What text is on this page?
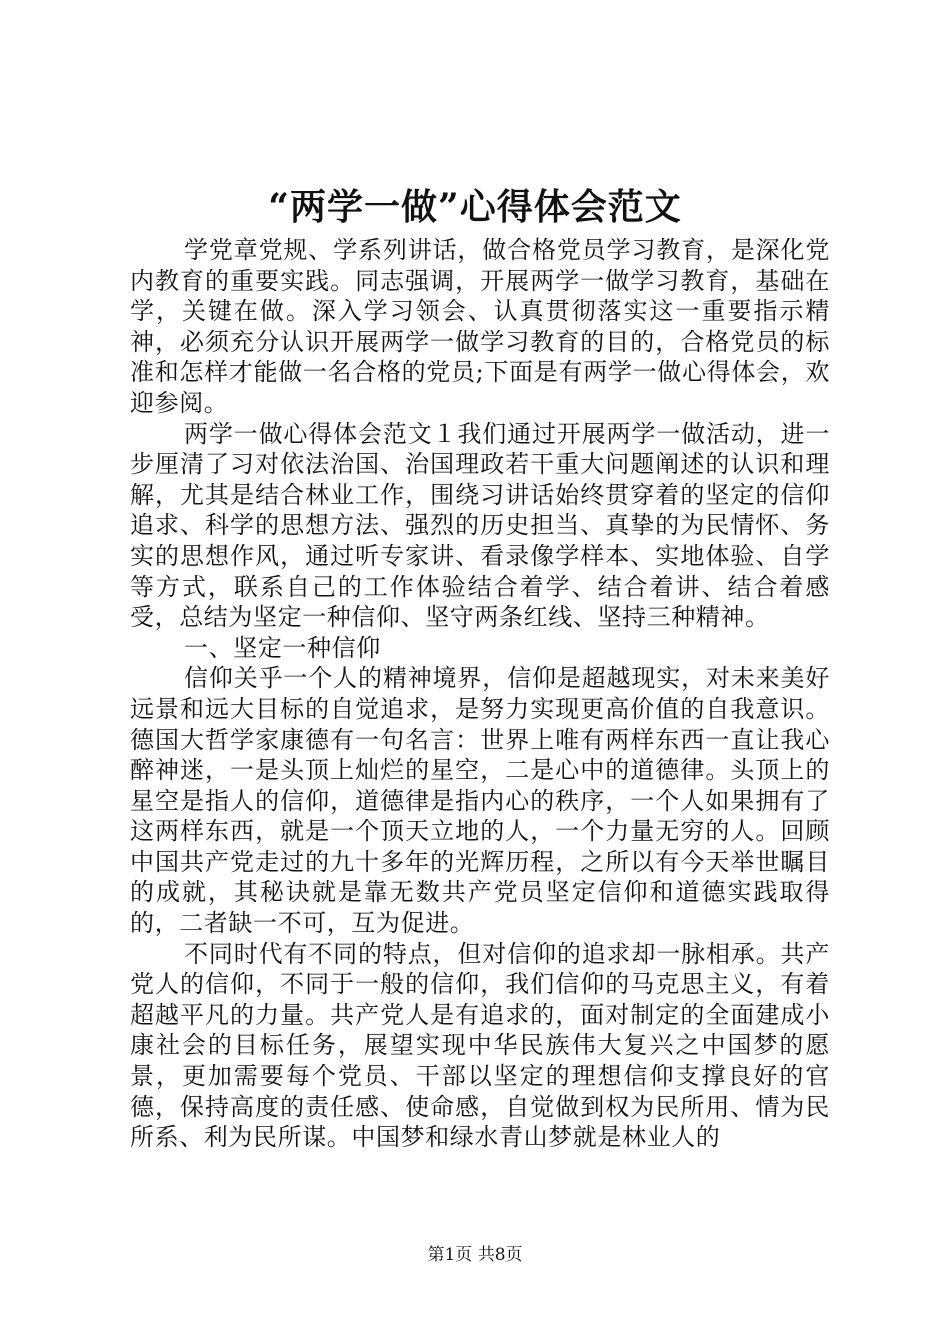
“两学一做”心得体会范文

学党章党规、学系列讲话，做合格党员学习教育，是深化党内教育的重要实践。同志强调，开展两学一做学习教育，基础在学，关键在做。深入学习领会、认真贯彻落实这一重要指示精神，必须充分认识开展两学一做学习教育的目的，合格党员的标准和怎样才能做一名合格的党员;下面是有两学一做心得体会，欢迎参阅。

两学一做心得体会范文１我们通过开展两学一做活动，进一步厘清了习对依法治国、治国理政若干重大问题阐述的认识和理解，尤其是结合林业工作，围绕习讲话始终贯穿着的坚定的信仰追求、科学的思想方法、强烈的历史担当、真挚的为民情怀、务实的思想作风，通过听专家讲、看录像学样本、实地体验、自学等方式，联系自己的工作体验结合着学、结合着讲、结合着感受，总结为坚定一种信仰、坚守两条红线、坚持三种精神。

一、坚定一种信仰

信仰关乎一个人的精神境界，信仰是超越现实，对未来美好远景和远大目标的自觉追求，是努力实现更高价值的自我意识。德国大哲学家康德有一句名言：世界上唯有两样东西一直让我心醉神迷，一是头顶上灿烂的星空，二是心中的道德律。头顶上的星空是指人的信仰，道德律是指内心的秩序，一个人如果拥有了这两样东西，就是一个顶天立地的人，一个力量无穷的人。回顾中国共产党走过的九十多年的光辉历程，之所以有今天举世瞩目的成就，其秘诀就是靠无数共产党员坚定信仰和道德实践取得的，二者缺一不可，互为促进。

不同时代有不同的特点，但对信仰的追求却一脉相承。共产党人的信仰，不同于一般的信仰，我们信仰的马克思主义，有着超越平凡的力量。共产党人是有追求的，面对制定的全面建成小康社会的目标任务，展望实现中华民族伟大复兴之中国梦的愿景，更加需要每个党员、干部以坚定的理想信仰支撑良好的官德，保持高度的责任感、使命感，自觉做到权为民所用、情为民所系、利为民所谋。中国梦和绿水青山梦就是林业人的

第1页 共8页
